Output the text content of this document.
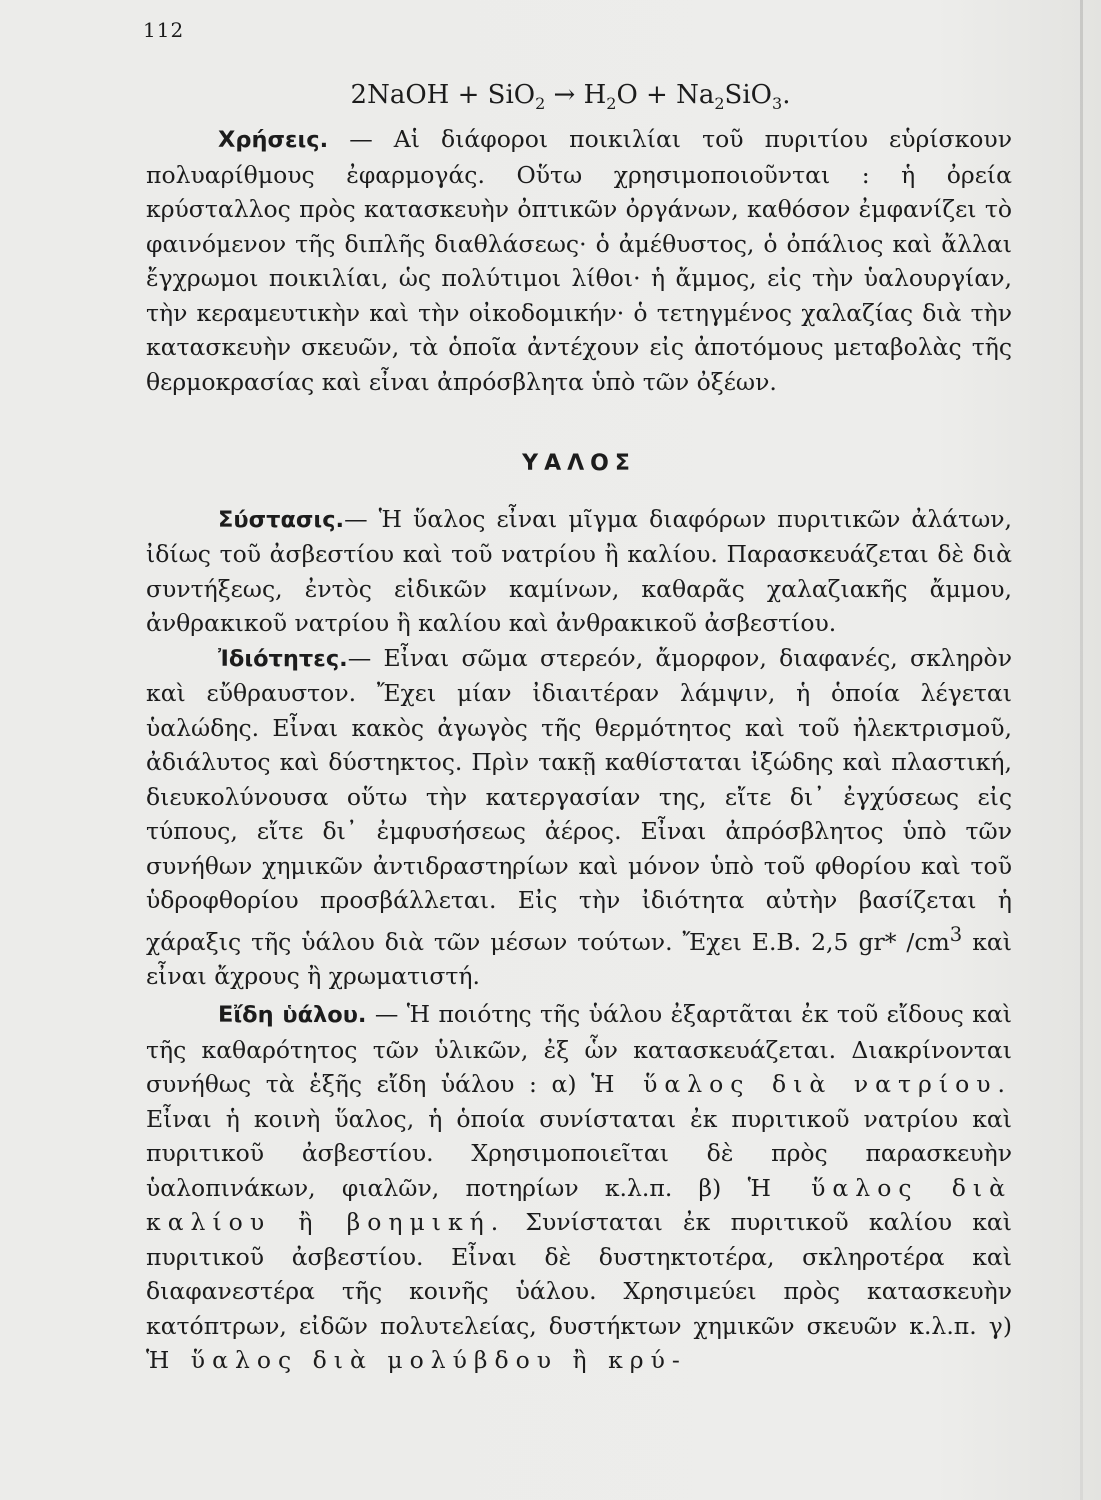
112
2NaOH + $SiO_2 \to H_2O + Na_2SiO_3$.

Χρήσεις. — Αἱ διάφοροι ποικιλίαι τοῦ πυριτίου εὑρίσκουν πολυαρίθμους ἐφαρμογάς. Οὕτω χρησιμοποιοῦνται : ἡ ὀρεία κρύσταλλος πρὸς κατασκευὴν ὀπτικῶν ὀργάνων, καθόσον ἐμφανίζει τὸ φαινόμενον τῆς διπλῆς διαθλάσεως· ὁ ἀμέθυστος, ὁ ὀπάλιος καὶ ἄλλαι ἔγχρωμοι ποικιλίαι, ὡς πολύτιμοι λίθοι· ἡ ἄμμος, εἰς τὴν ὑαλουργίαν, τὴν κεραμευτικὴν καὶ τὴν οἰκοδομικήν· ὁ τετηγμένος χαλαζίας διὰ τὴν κατασκευὴν σκευῶν, τὰ ὁποῖα ἀντέχουν εἰς ἀποτόμους μεταβολὰς τῆς θερμοκρασίας καὶ εἶναι ἀπρόσβλητα ὑπὸ τῶν ὀξέων.

ΥΑΛΟΣ

Σύστασις.— Ἡ ὕαλος εἶναι μῖγμα διαφόρων πυριτικῶν ἀλάτων, ἰδίως τοῦ ἀσβεστίου καὶ τοῦ νατρίου ἢ καλίου. Παρασκευάζεται δὲ διὰ συντήξεως, ἐντὸς εἰδικῶν καμίνων, καθαρᾶς χαλαζιακῆς ἄμμου, ἀνθρακικοῦ νατρίου ἢ καλίου καὶ ἀνθρακικοῦ ἀσβεστίου.

Ἰδιότητες.— Εἶναι σῶμα στερεόν, ἄμορφον, διαφανές, σκληρὸν καὶ εὔθραυστον. Ἔχει μίαν ἰδιαιτέραν λάμψιν, ἡ ὁποία λέγεται ὑαλώδης. Εἶναι κακὸς ἀγωγὸς τῆς θερμότητος καὶ τοῦ ἠλεκτρισμοῦ, ἀδιάλυτος καὶ δύστηκτος. Πρὶν τακῇ καθίσταται ἰξώδης καὶ πλαστική, διευκολύνουσα οὕτω τὴν κατεργασίαν της, εἴτε δι᾽ ἐγχύσεως εἰς τύπους, εἴτε δι᾽ ἐμφυσήσεως ἀέρος. Εἶναι ἀπρόσβλητος ὑπὸ τῶν συνήθων χημικῶν ἀντιδραστηρίων καὶ μόνον ὑπὸ τοῦ φθορίου καὶ τοῦ ὑδροφθορίου προσβάλλεται. Εἰς τὴν ἰδιότητα αὐτὴν βασίζεται ἡ χάραξις τῆς ὑάλου διὰ τῶν μέσων τούτων. Ἔχει Ε.Β. 2,5 gr* $/cm^3$ καὶ εἶναι ἄχρους ἢ χρωματιστή.

Εἴδη ὑάλου. — Ἡ ποιότης τῆς ὑάλου ἐξαρτᾶται ἐκ τοῦ εἴδους καὶ τῆς καθαρότητος τῶν ὑλικῶν, ἐξ ὧν κατασκευάζεται. Διακρίνονται συνήθως τὰ ἑξῆς εἴδη ὑάλου : α) Ἡ ὕαλος διὰ νατρίου. Εἶναι ἡ κοινὴ ὕαλος, ἡ ὁποία συνίσταται ἐκ πυριτικοῦ νατρίου καὶ πυριτικοῦ ἀσβεστίου. Χρησιμοποιεῖται δὲ πρὸς παρασκευὴν ὑαλοπινάκων, φιαλῶν, ποτηρίων κ.λ.π. β) Ἡ ὕαλος διὰ καλίου ἢ βοημική. Συνίσταται ἐκ πυριτικοῦ καλίου καὶ πυριτικοῦ ἀσβεστίου. Εἶναι δὲ δυστηκτοτέρα, σκληροτέρα καὶ διαφανεστέρα τῆς κοινῆς ὑάλου. Χρησιμεύει πρὸς κατασκευὴν κατόπτρων, εἰδῶν πολυτελείας, δυστήκτων χημικῶν σκευῶν κ.λ.π. γ) Ἡ ὕαλος διὰ μολύβδου ἢ κρύ-
